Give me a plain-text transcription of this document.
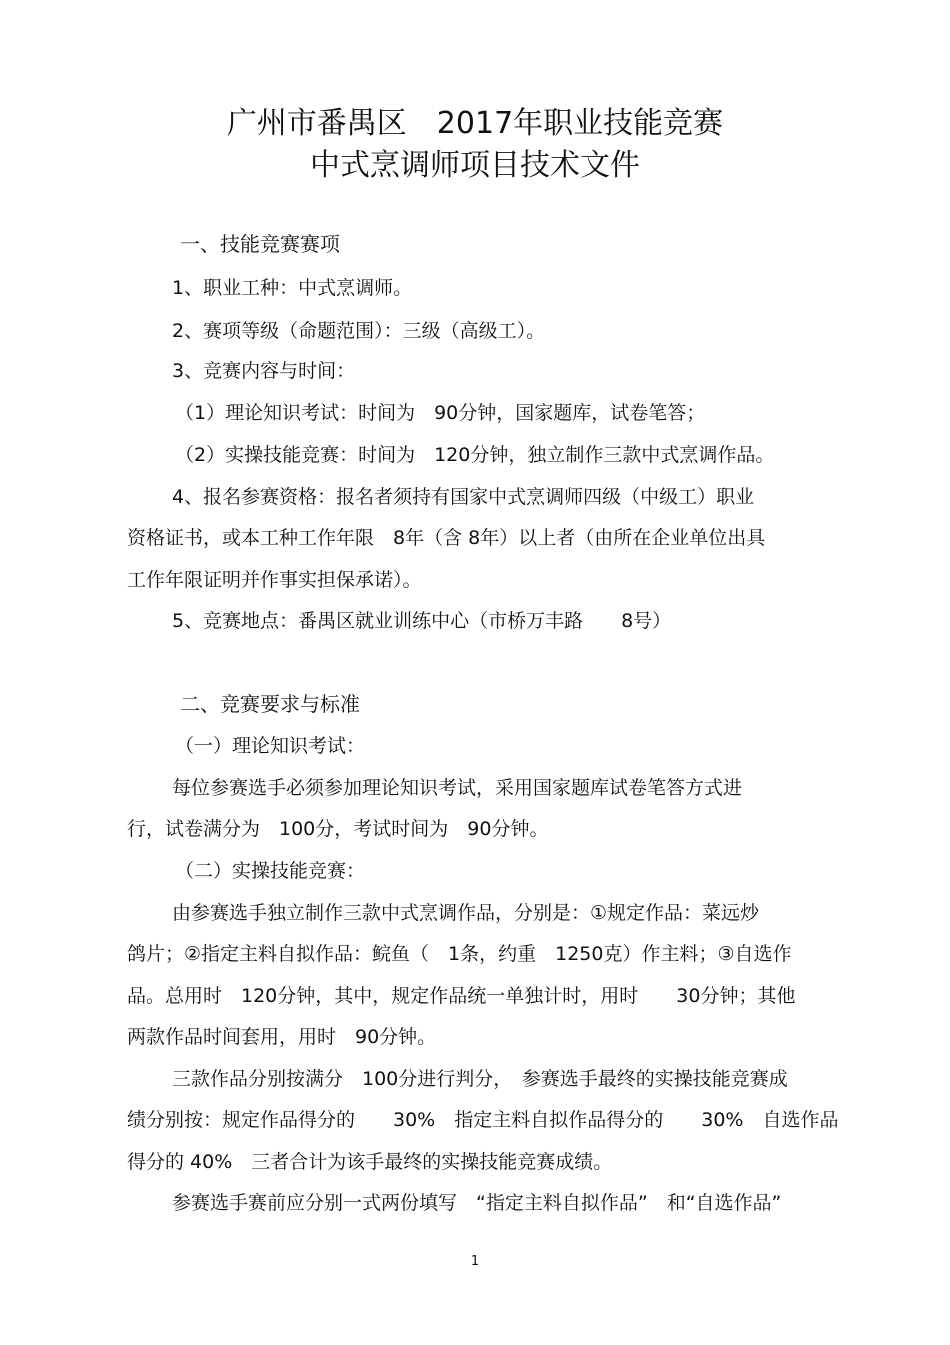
广州市番禺区　2017年职业技能竞赛
中式烹调师项目技术文件
一、技能竞赛赛项
1、职业工种：中式烹调师。
2、赛项等级（命题范围）：三级（高级工）。
3、竞赛内容与时间：
（1）理论知识考试：时间为　90分钟，国家题库，试卷笔答；
（2）实操技能竞赛：时间为　120分钟，独立制作三款中式烹调作品。
4、报名参赛资格：报名者须持有国家中式烹调师四级（中级工）职业
资格证书，或本工种工作年限　8年（含 8年）以上者（由所在企业单位出具
工作年限证明并作事实担保承诺）。
5、竞赛地点：番禺区就业训练中心（市桥万丰路　　8号）
二、竞赛要求与标准
（一）理论知识考试：
每位参赛选手必须参加理论知识考试，采用国家题库试卷笔答方式进
行，试卷满分为　100分，考试时间为　90分钟。
（二）实操技能竞赛：
由参赛选手独立制作三款中式烹调作品，分别是：①规定作品：菜远炒
鸽片；②指定主料自拟作品：鲩鱼（　1条，约重　1250克）作主料；③自选作
品。总用时　120分钟，其中，规定作品统一单独计时，用时　　30分钟；其他
两款作品时间套用，用时　90分钟。
三款作品分别按满分　100分进行判分，　参赛选手最终的实操技能竞赛成
绩分别按：规定作品得分的　　30%　指定主料自拟作品得分的　　30%　自选作品
得分的 40%　三者合计为该手最终的实操技能竞赛成绩。
参赛选手赛前应分别一式两份填写　“指定主料自拟作品”　和“自选作品”
1
